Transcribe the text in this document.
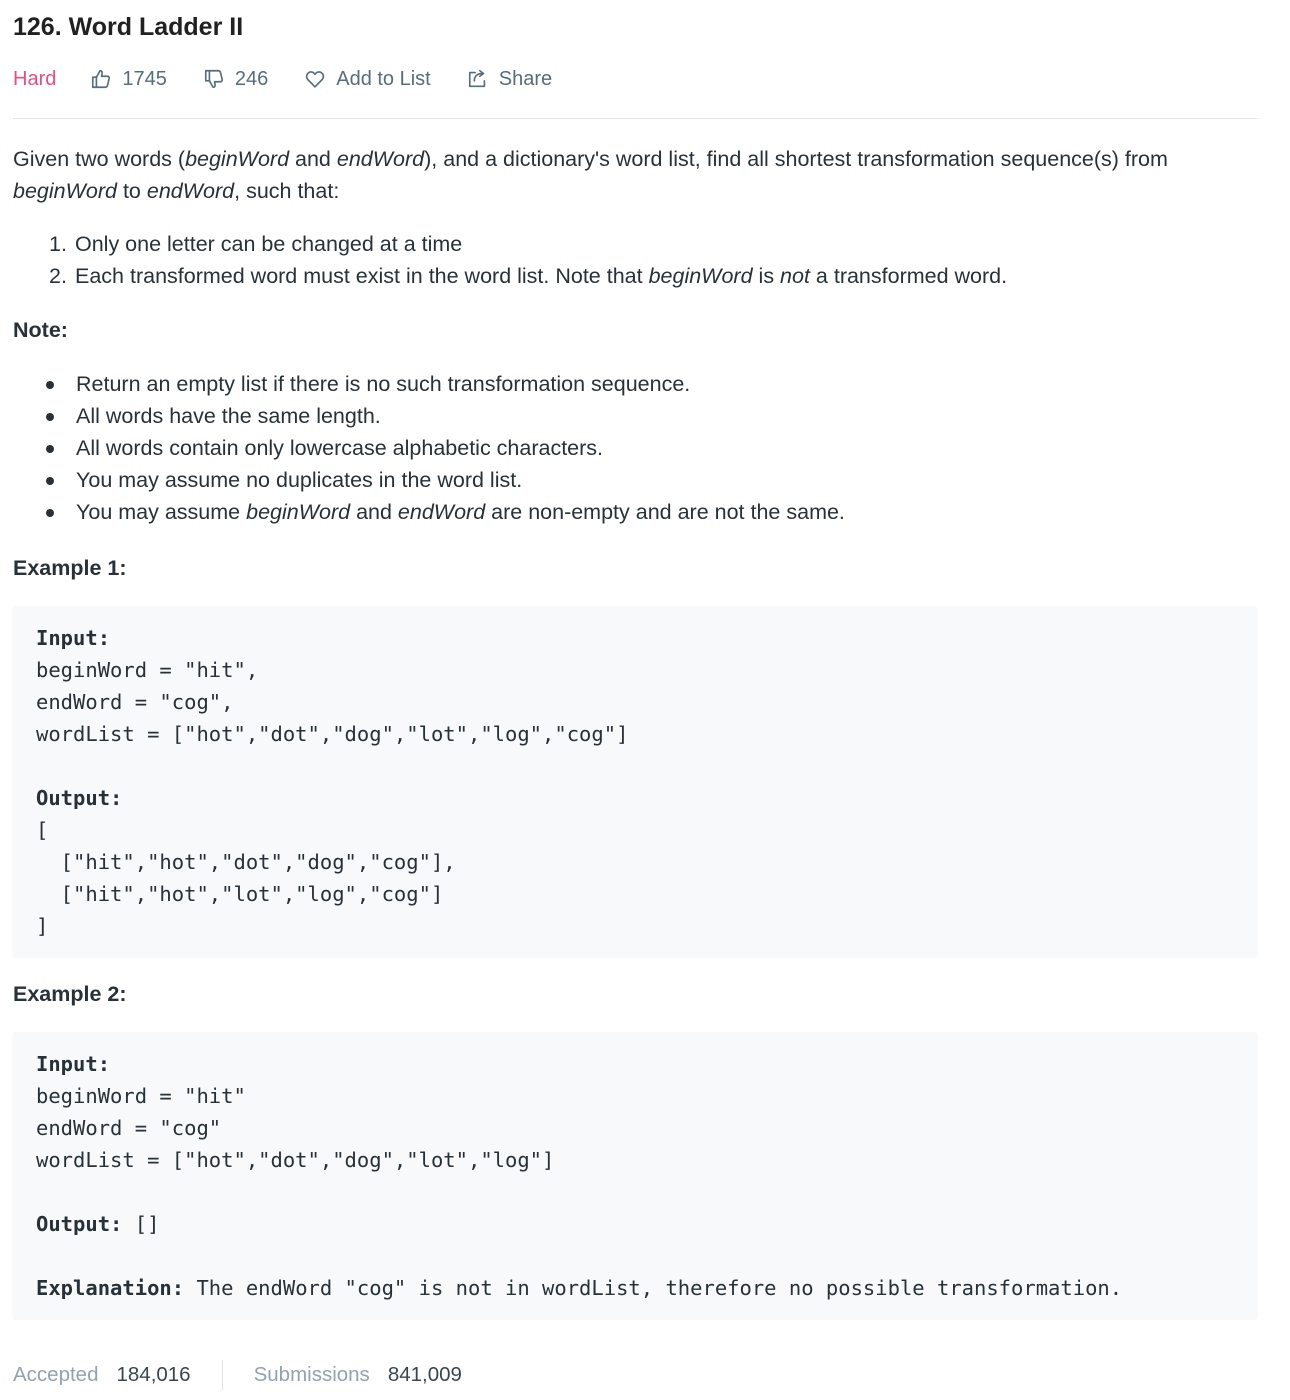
126. Word Ladder II
Hard	1745	246	Add to List	Share
Given two words (beginWord and endWord), and a dictionary's word list, find all shortest transformation sequence(s) from beginWord to endWord, such that:
1. Only one letter can be changed at a time
2. Each transformed word must exist in the word list. Note that beginWord is not a transformed word.
Note:
Return an empty list if there is no such transformation sequence.
All words have the same length.
All words contain only lowercase alphabetic characters.
You may assume no duplicates in the word list.
You may assume beginWord and endWord are non-empty and are not the same.
Example 1:
Input:
beginWord = "hit",
endWord = "cog",
wordList = ["hot","dot","dog","lot","log","cog"]
Output:
[
["hit","hot","dot","dog","cog"],
["hit","hot","lot","log","cog"]
]
Example 2:
Input:
beginWord = "hit"
endWord = "cog"
wordList = ["hot","dot","dog","lot","log"]
Output: []
Explanation: The endWord "cog" is not in wordList, therefore no possible transformation.
Accepted 184,016	Submissions 841,009
